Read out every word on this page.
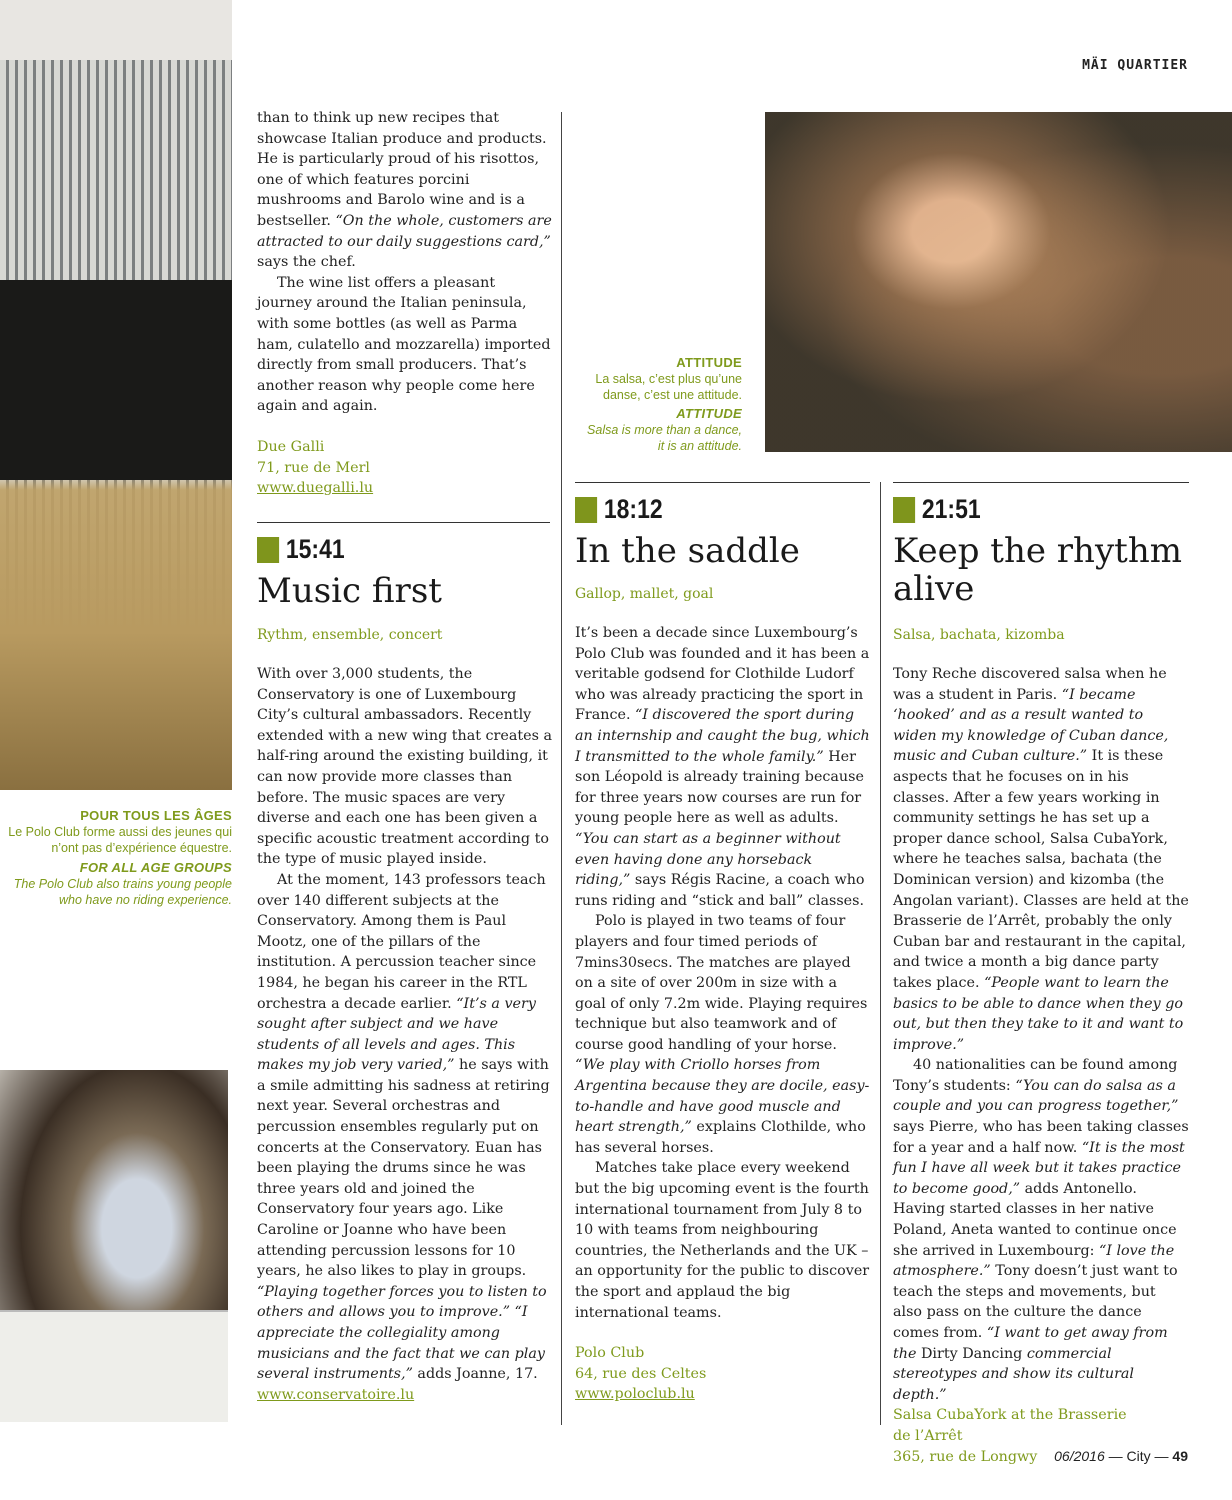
MÄI QUARTIER
POUR TOUS LES ÂGES
Le Polo Club forme aussi des jeunes qui n’ont pas d’expérience équestre.
FOR ALL AGE GROUPS
The Polo Club also trains young people who have no riding experience.
ATTITUDE
La salsa, c’est plus qu’une danse, c’est une attitude.
ATTITUDE
Salsa is more than a dance, it is an attitude.

than to think up new recipes that showcase Italian produce and products. He is particularly proud of his risottos, one of which features porcini mushrooms and Barolo wine and is a bestseller. “On the whole, customers are attracted to our daily suggestions card,” says the chef.

The wine list offers a pleasant journey around the Italian peninsula, with some bottles (as well as Parma ham, culatello and mozzarella) imported directly from small producers. That’s another reason why people come here again and again.

Due Galli
71, rue de Merl
www.duegalli.lu
15:41
Music first
Rythm, ensemble, concert

With over 3,000 students, the Conservatory is one of Luxembourg City’s cultural ambassadors. Recently extended with a new wing that creates a half-ring around the existing building, it can now provide more classes than before. The music spaces are very diverse and each one has been given a specific acoustic treatment according to the type of music played inside.

At the moment, 143 professors teach over 140 different subjects at the Conservatory. Among them is Paul Mootz, one of the pillars of the institution. A percussion teacher since 1984, he began his career in the RTL orchestra a decade earlier. “It’s a very sought after subject and we have students of all levels and ages. This makes my job very varied,” he says with a smile admitting his sadness at retiring next year. Several orchestras and percussion ensembles regularly put on concerts at the Conservatory. Euan has been playing the drums since he was three years old and joined the Conservatory four years ago. Like Caroline or Joanne who have been attending percussion lessons for 10 years, he also likes to play in groups. “Playing together forces you to listen to others and allows you to improve.” “I appreciate the collegiality among musicians and the fact that we can play several instruments,” adds Joanne, 17.

www.conservatoire.lu
18:12
In the saddle
Gallop, mallet, goal

It’s been a decade since Luxembourg’s Polo Club was founded and it has been a veritable godsend for Clothilde Ludorf who was already practicing the sport in France. “I discovered the sport during an internship and caught the bug, which I transmitted to the whole family.” Her son Léopold is already training because for three years now courses are run for young people here as well as adults.

“You can start as a beginner without even having done any horseback riding,” says Régis Racine, a coach who runs riding and “stick and ball” classes.

Polo is played in two teams of four players and four timed periods of 7mins30secs. The matches are played on a site of over 200m in size with a goal of only 7.2m wide. Playing requires technique but also teamwork and of course good handling of your horse. “We play with Criollo horses from Argentina because they are docile, easy-to-handle and have good muscle and heart strength,” explains Clothilde, who has several horses.

Matches take place every weekend but the big upcoming event is the fourth international tournament from July 8 to 10 with teams from neighbouring countries, the Netherlands and the UK – an opportunity for the public to discover the sport and applaud the big international teams.

Polo Club
64, rue des Celtes
www.poloclub.lu
21:51
Keep the rhythm alive
Salsa, bachata, kizomba

Tony Reche discovered salsa when he was a student in Paris. “I became ‘hooked’ and as a result wanted to widen my knowledge of Cuban dance, music and Cuban culture.” It is these aspects that he focuses on in his classes. After a few years working in community settings he has set up a proper dance school, Salsa CubaYork, where he teaches salsa, bachata (the Dominican version) and kizomba (the Angolan variant). Classes are held at the Brasserie de l’Arrêt, probably the only Cuban bar and restaurant in the capital, and twice a month a big dance party takes place. “People want to learn the basics to be able to dance when they go out, but then they take to it and want to improve.”

40 nationalities can be found among Tony’s students: “You can do salsa as a couple and you can progress together,” says Pierre, who has been taking classes for a year and a half now. “It is the most fun I have all week but it takes practice to become good,” adds Antonello. Having started classes in her native Poland, Aneta wanted to continue once she arrived in Luxembourg: “I love the atmosphere.” Tony doesn’t just want to teach the steps and movements, but also pass on the culture the dance comes from. “I want to get away from the Dirty Dancing commercial stereotypes and show its cultural depth.”

Salsa CubaYork at the Brasserie
de l’Arrêt
365, rue de Longwy	06/2016 — City — 49
